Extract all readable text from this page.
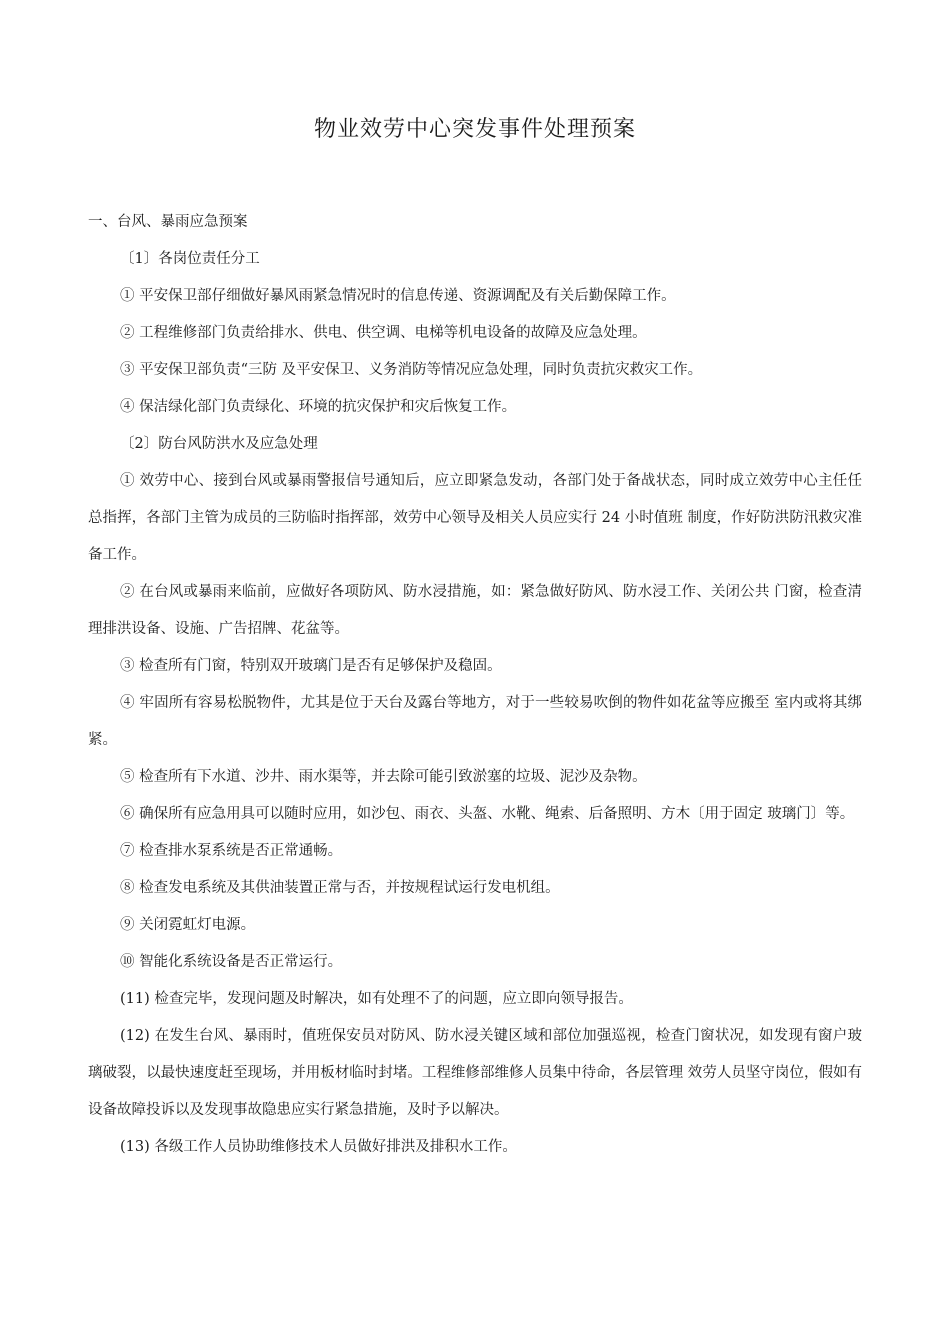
物业效劳中心突发事件处理预案

一、台风、暴雨应急预案

〔1〕各岗位责任分工

① 平安保卫部仔细做好暴风雨紧急情况时的信息传递、资源调配及有关后勤保障工作。

② 工程维修部门负责给排水、供电、供空调、电梯等机电设备的故障及应急处理。

③ 平安保卫部负责“三防 及平安保卫、义务消防等情况应急处理，同时负责抗灾救灾工作。

④ 保洁绿化部门负责绿化、环境的抗灾保护和灾后恢复工作。

〔2〕防台风防洪水及应急处理

① 效劳中心、接到台风或暴雨警报信号通知后，应立即紧急发动，各部门处于备战状态，同时成立效劳中心主任任总指挥，各部门主管为成员的三防临时指挥部，效劳中心领导及相关人员应实行 24 小时值班 制度，作好防洪防汛救灾准备工作。

② 在台风或暴雨来临前，应做好各项防风、防水浸措施，如：紧急做好防风、防水浸工作、关闭公共 门窗，检查清理排洪设备、设施、广告招牌、花盆等。

③ 检查所有门窗，特别双开玻璃门是否有足够保护及稳固。

④ 牢固所有容易松脱物件，尤其是位于天台及露台等地方，对于一些较易吹倒的物件如花盆等应搬至 室内或将其绑紧。

⑤ 检查所有下水道、沙井、雨水渠等，并去除可能引致淤塞的垃圾、泥沙及杂物。

⑥ 确保所有应急用具可以随时应用，如沙包、雨衣、头盔、水靴、绳索、后备照明、方木〔用于固定 玻璃门〕等。

⑦ 检查排水泵系统是否正常通畅。

⑧ 检查发电系统及其供油装置正常与否，并按规程试运行发电机组。

⑨ 关闭霓虹灯电源。

⑩ 智能化系统设备是否正常运行。

(11) 检查完毕，发现问题及时解决，如有处理不了的问题，应立即向领导报告。

(12) 在发生台风、暴雨时，值班保安员对防风、防水浸关键区域和部位加强巡视，检查门窗状况，如发现有窗户玻璃破裂，以最快速度赶至现场，并用板材临时封堵。工程维修部维修人员集中待命，各层管理 效劳人员坚守岗位，假如有设备故障投诉以及发现事故隐患应实行紧急措施，及时予以解决。

(13) 各级工作人员协助维修技术人员做好排洪及排积水工作。
